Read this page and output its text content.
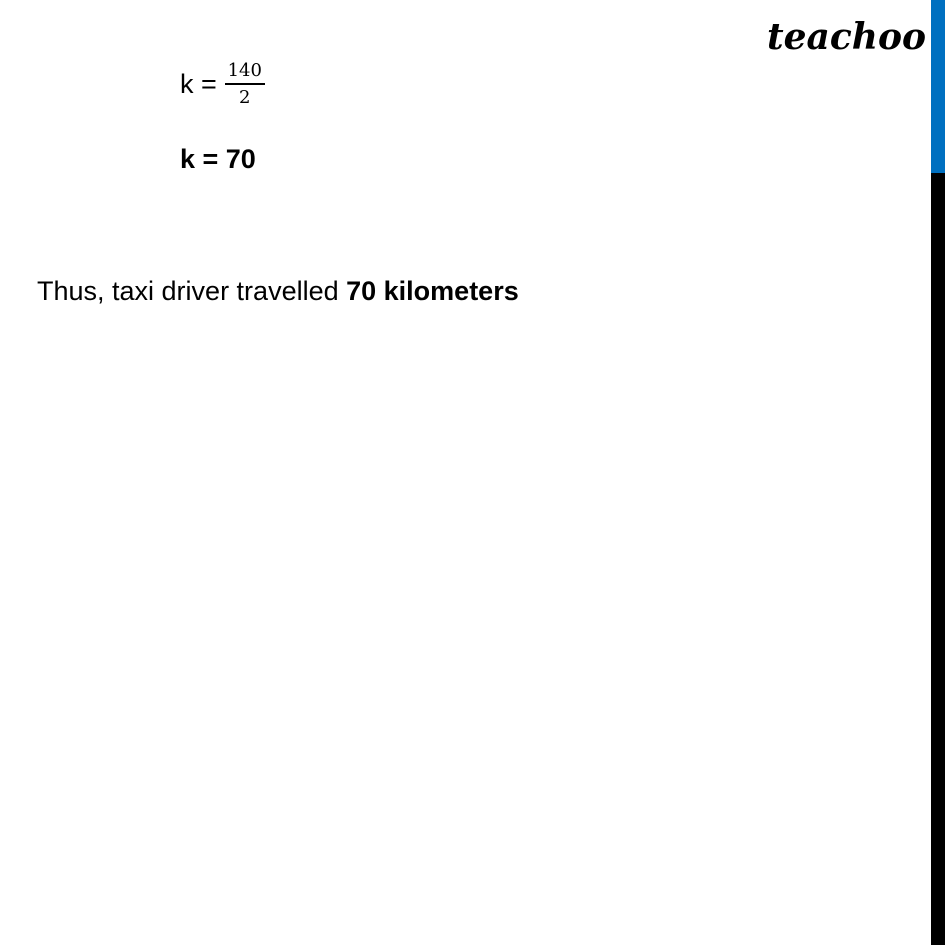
teachoo
$k = \frac{140}{2}$
k = 70
Thus, taxi driver travelled 70 kilometers
